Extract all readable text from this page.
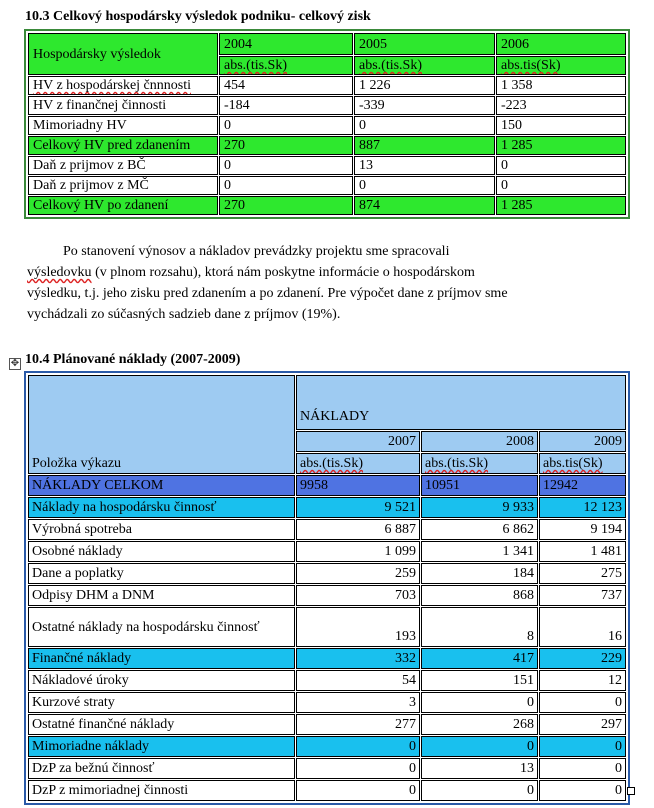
10.3 Celkový hospodársky výsledok podniku- celkový zisk
Hospodársky výsledok	2004	2005	2006
	abs.(tis.Sk)	abs.(tis.Sk)	abs.tis(Sk)
HV z hospodárskej čnnnosti	454	1 226	1 358
HV z finančnej činnosti	-184	-339	-223
Mimoriadny HV	0	0	150
Celkový HV pred zdanením	270	887	1 285
Daň z prijmov z BČ	0	13	0
Daň z prijmov z MČ	0	0	0
Celkový HV po zdanení	270	874	1 285
Po stanovení výnosov a nákladov prevádzky projektu sme spracovali
výsledovku (v plnom rozsahu), ktorá nám poskytne informácie o hospodárskom
výsledku, t.j. jeho zisku pred zdanením a po zdanení. Pre výpočet dane z príjmov sme
vychádzali zo súčasných sadzieb dane z príjmov (19%).
✥ 10.4 Plánované náklady (2007-2009)
Položka výkazu	NÁKLADY		
	2007	2008	2009
	abs.(tis.Sk)	abs.(tis.Sk)	abs.tis(Sk)
NÁKLADY CELKOM	9958	10951	12942
Náklady na hospodársku činnosť	9 521	9 933	12 123
Výrobná spotreba	6 887	6 862	9 194
Osobné náklady	1 099	1 341	1 481
Dane a poplatky	259	184	275
Odpisy DHM a DNM	703	868	737
Ostatné náklady na hospodársku činnosť	193	8	16
Finančné náklady	332	417	229
Nákladové úroky	54	151	12
Kurzové straty	3	0	0
Ostatné finančné náklady	277	268	297
Mimoriadne náklady	0	0	0
DzP za bežnú činnosť	0	13	0
DzP z mimoriadnej činnosti	0	0	0
